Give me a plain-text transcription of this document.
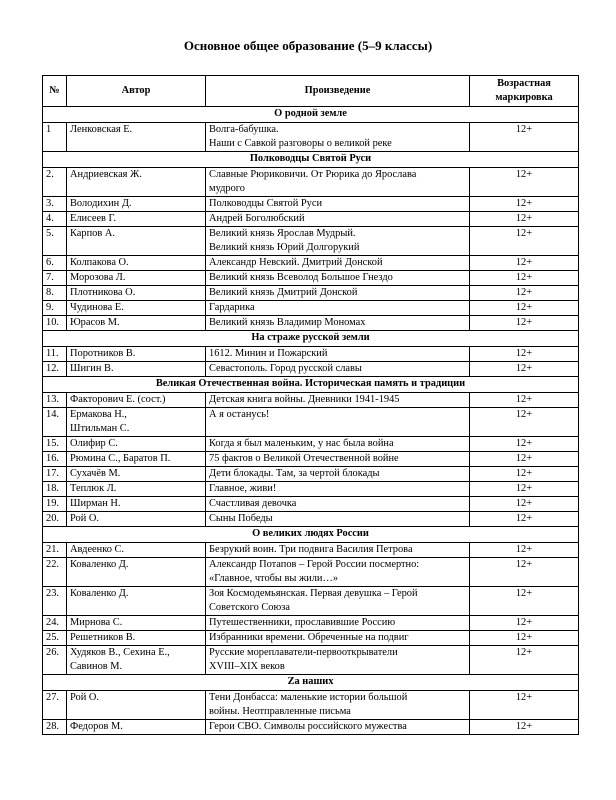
Основное общее образование (5–9 классы)
№	Автор	Произведение	Возрастная
маркировка

О родной земле			
1	Ленковская Е.	Волга-бабушка.
Наши с Савкой разговоры о великой реке	12+
Полководцы Святой Руси			
2.	Андриевская Ж.	Славные Рюриковичи. От Рюрика до Ярослава
мудрого	12+
3.	Володихин Д.	Полководцы Святой Руси	12+
4.	Елисеев Г.	Андрей Боголюбский	12+
5.	Карпов А.	Великий князь Ярослав Мудрый.
Великий князь Юрий Долгорукий	12+
6.	Колпакова О.	Александр Невский. Дмитрий Донской	12+
7.	Морозова Л.	Великий князь Всеволод Большое Гнездо	12+
8.	Плотникова О.	Великий князь Дмитрий Донской	12+
9.	Чудинова Е.	Гардарика	12+
10.	Юрасов М.	Великий князь Владимир Мономах	12+
На страже русской земли			
11.	Поротников В.	1612. Минин и Пожарский	12+
12.	Шигин В.	Севастополь. Город русской славы	12+
Великая Отечественная война. Историческая память и традиции			
13.	Факторович Е. (сост.)	Детская книга войны. Дневники 1941-1945	12+
14.	Ермакова Н.,
Штильман С.	А я останусь!	12+
15.	Олифир С.	Когда я был маленьким, у нас была война	12+
16.	Рюмина С., Баратов П.	75 фактов о Великой Отечественной войне	12+
17.	Сухачёв М.	Дети блокады. Там, за чертой блокады	12+
18.	Теплюк Л.	Главное, живи!	12+
19.	Ширман Н.	Счастливая девочка	12+
20.	Рой О.	Сыны Победы	12+
О великих людях России			
21.	Авдеенко С.	Безрукий воин. Три подвига Василия Петрова	12+
22.	Коваленко Д.	Александр Потапов – Герой России посмертно:
«Главное, чтобы вы жили…»	12+
23.	Коваленко Д.	Зоя Космодемьянская. Первая девушка – Герой
Советского Союза	12+
24.	Мирнова С.	Путешественники, прославившие Россию	12+
25.	Решетников В.	Избранники времени. Обреченные на подвиг	12+
26.	Худяков В., Сехина Е.,
Савинов М.	Русские мореплаватели-первооткрыватели
XVIII–XIX веков	12+
Za наших			
27.	Рой О.	Тени Донбасса: маленькие истории большой
войны. Неотправленные письма	12+
28.	Федоров М.	Герои СВО. Символы российского мужества	12+
